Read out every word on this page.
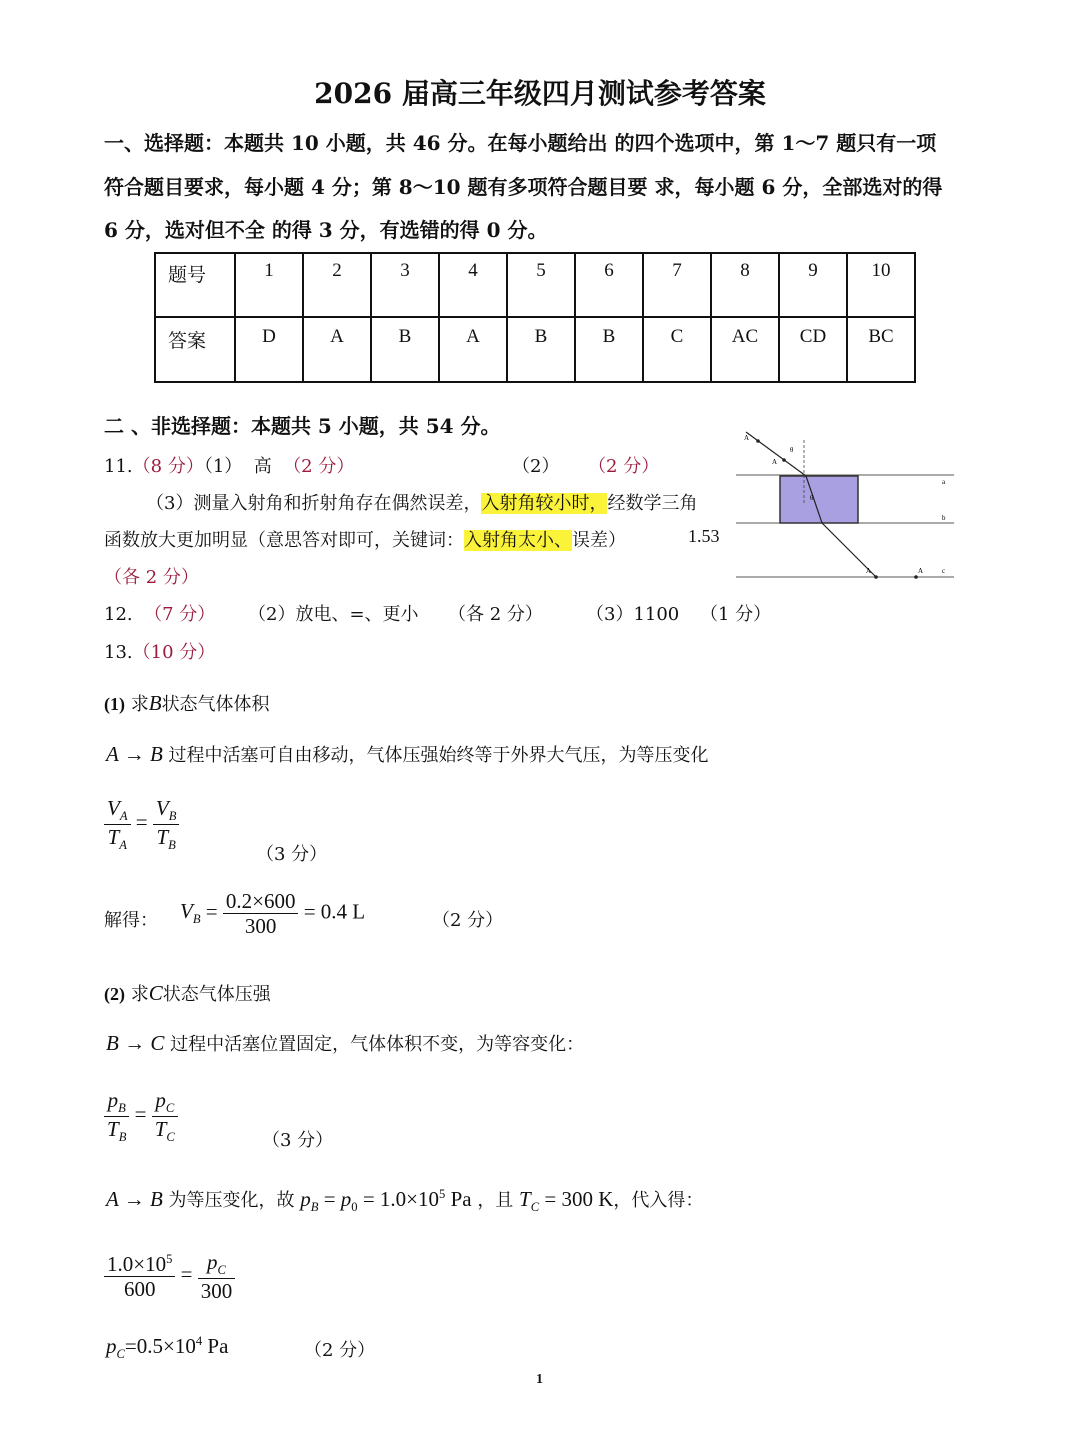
2026 届高三年级四月测试参考答案
一、选择题：本题共 10 小题，共 46 分。在每小题给出 的四个选项中，第 1～7 题只有一项
符合题目要求，每小题 4 分；第 8～10 题有多项符合题目要 求，每小题 6 分，全部选对的得
6 分，选对但不全 的得 3 分，有选错的得 0 分。
题号	1	2	3	4	5	6	7	8	9	10
答案	D	A	B	A	B	B	C	AC	CD	BC
二 、非选择题：本题共 5 小题，共 54 分。
11.（8 分）（1） 高 （2 分）	（2） （2 分）
（3）测量入射角和折射角存在偶然误差，入射角较小时，经数学三角
函数放大更加明显（意思答对即可，关键词：入射角太小、误差）	1.53
（各 2 分）
A
A
θ
θ
a
b
c
A	A
12. （7 分） （2）放电、=、更小 （各 2 分） （3）1100 （1 分）
13.（10 分）
(1) 求B状态气体体积
A → B 过程中活塞可自由移动，气体压强始终等于外界大气压，为等压变化
$\frac{V_A}{T_A} = \frac{V_B}{T_B}$
（3 分）
解得： $V_B = \frac{0.2\times 600}{300} = 0.4$ L	（2 分）
(2) 求C状态气体压强
B → C 过程中活塞位置固定，气体体积不变，为等容变化：
$\frac{p_B}{T_B} = \frac{p_C}{T_C}$	（3 分）
A → B 为等压变化，故 $p_B = p_0 = 1.0\times 10^5$ Pa ，且 $T_C = 300$ K，代入得：
$\frac{1.0\times 10^5}{600} = \frac{p_C}{300}$
$p_C=0.5\times 10^4$ Pa	（2 分）
1
